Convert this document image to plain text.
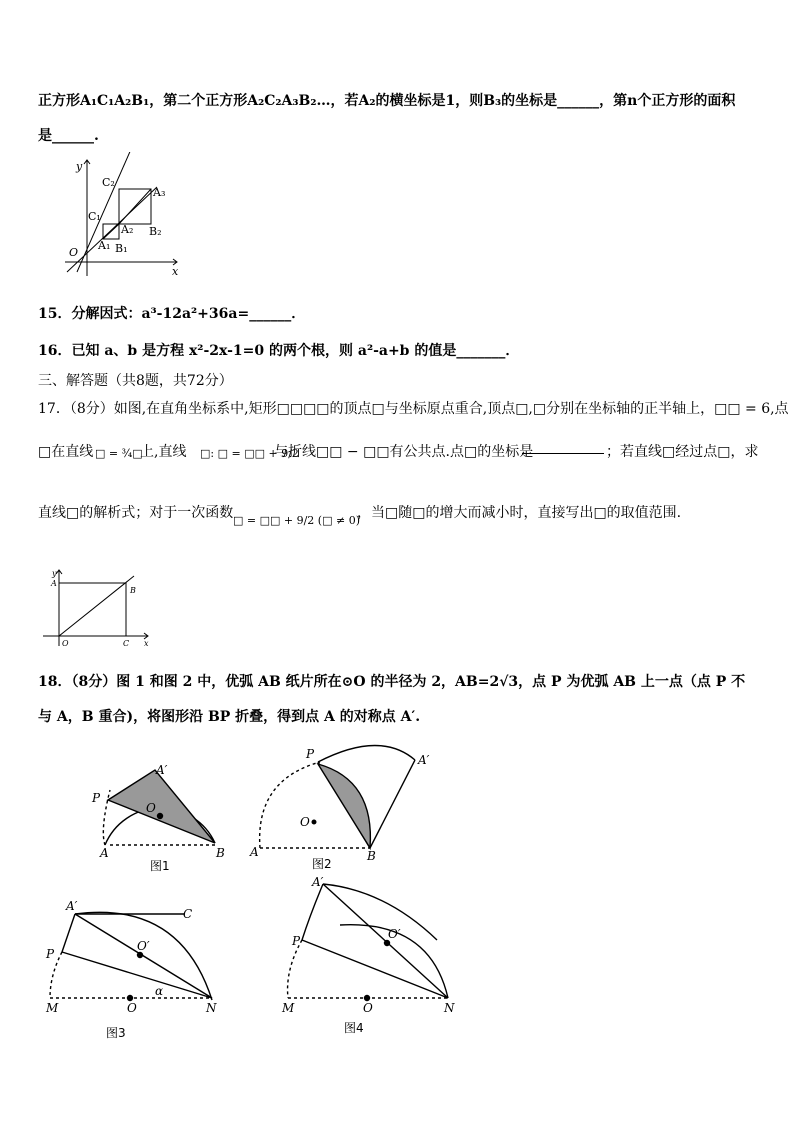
正方形A₁C₁A₂B₁，第二个正方形A₂C₂A₃B₂…，若A₂的横坐标是1，则B₃的坐标是______，第n个正方形的面积
是______.
y
x
O
C₂
A₃
C₁
A₂ B₂
A₁ B₁
15．分解因式：a³-12a²+36a=______．
16．已知 a、b 是方程 x²-2x-1=0 的两个根，则 a²-a+b 的值是_______．
三、解答题（共8题，共72分）
17．（8分）如图,在直角坐标系中,矩形□□□□的顶点□与坐标原点重合,顶点□,□分别在坐标轴的正半轴上，□□ = 6,点
□在直线 □ = ¾□
上,直线 □: □ = □□ + 9/2
与折线□□ − □□有公共点.点□的坐标是	；若直线□经过点□，求
直线□的解析式；对于一次函数 □ = □□ + 9/2 (□ ≠ 0)
，当□随□的增大而减小时，直接写出□的取值范围.
y
A
B
O	C x
18．（8分）图 1 和图 2 中，优弧 AB 纸片所在⊙O 的半径为 2，AB=2√3，点 P 为优弧 AB 上一点（点 P 不
与 A，B 重合)，将图形沿 BP 折叠，得到点 A 的对称点 A′.
P
A′
O
A	B
图1
P	A′
O
A	B
图2
A′
C
O′
P
α
M	O	N
图3
A′
O′
P
M	O	N
图4
